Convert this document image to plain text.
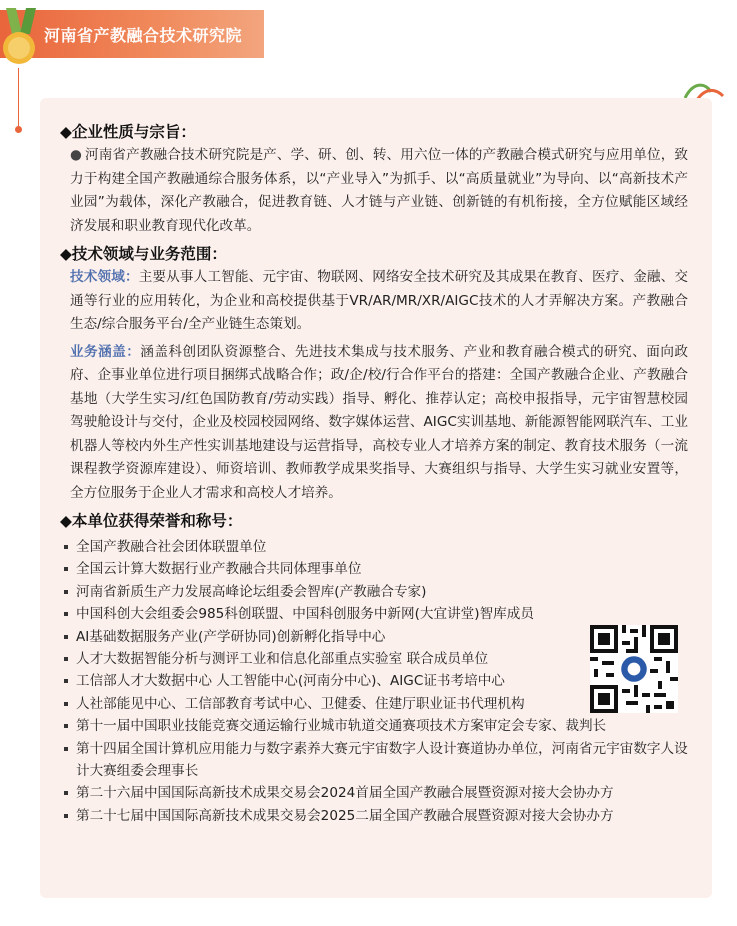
河南省产教融合技术研究院

◆企业性质与宗旨：

● 河南省产教融合技术研究院是产、学、研、创、转、用六位一体的产教融合模式研究与应用单位，致力于构建全国产教融通综合服务体系，以“产业导入”为抓手、以“高质量就业”为导向、以“高新技术产业园”为载体，深化产教融合，促进教育链、人才链与产业链、创新链的有机衔接，全方位赋能区域经济发展和职业教育现代化改革。

◆技术领域与业务范围：

技术领域：主要从事人工智能、元宇宙、物联网、网络安全技术研究及其成果在教育、医疗、金融、交通等行业的应用转化，为企业和高校提供基于VR/AR/MR/XR/AIGC技术的人才弄解决方案。产教融合生态/综合服务平台/全产业链生态策划。

业务涵盖：涵盖科创团队资源整合、先进技术集成与技术服务、产业和教育融合模式的研究、面向政府、企事业单位进行项目捆绑式战略合作；政/企/校/行合作平台的搭建：全国产教融合企业、产教融合基地（大学生实习/红色国防教育/劳动实践）指导、孵化、推荐认定；高校申报指导，元宇宙智慧校园驾驶舱设计与交付，企业及校园校园网络、数字媒体运营、AIGC实训基地、新能源智能网联汽车、工业机器人等校内外生产性实训基地建设与运营指导，高校专业人才培养方案的制定、教育技术服务（一流课程教学资源库建设）、师资培训、教师教学成果奖指导、大赛组织与指导、大学生实习就业安置等，全方位服务于企业人才需求和高校人才培养。

◆本单位获得荣誉和称号：

全国产教融合社会团体联盟单位
全国云计算大数据行业产教融合共同体理事单位
河南省新质生产力发展高峰论坛组委会智库(产教融合专家)
中国科创大会组委会985科创联盟、中国科创服务中新网(大宜讲堂)智库成员
AI基础数据服务产业(产学研协同)创新孵化指导中心
人才大数据智能分析与测评工业和信息化部重点实验室 联合成员单位
工信部人才大数据中心 人工智能中心(河南分中心)、AIGC证书考培中心
人社部能见中心、工信部教育考试中心、卫健委、住建厅职业证书代理机构
第十一届中国职业技能竞赛交通运输行业城市轨道交通赛项技术方案审定会专家、裁判长
第十四届全国计算机应用能力与数字素养大赛元宇宙数字人设计赛道协办单位，河南省元宇宙数字人设计大赛组委会理事长
第二十六届中国国际高新技术成果交易会2024首届全国产教融合展暨资源对接大会协办方
第二十七届中国国际高新技术成果交易会2025二届全国产教融合展暨资源对接大会协办方
